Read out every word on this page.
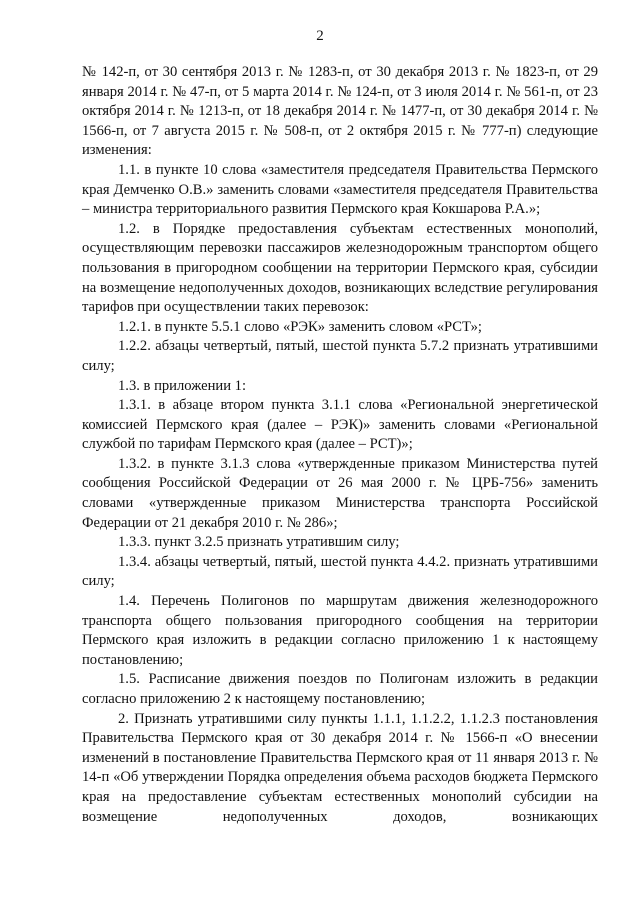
2

№ 142-п, от 30 сентября 2013 г. № 1283-п, от 30 декабря 2013 г. № 1823-п, от 29 января 2014 г. № 47-п, от 5 марта 2014 г. № 124-п, от 3 июля 2014 г. № 561-п, от 23 октября 2014 г. № 1213-п, от 18 декабря 2014 г. № 1477-п, от 30 декабря 2014 г. № 1566-п, от 7 августа 2015 г. № 508-п, от 2 октября 2015 г. № 777-п) следующие изменения:

1.1. в пункте 10 слова «заместителя председателя Правительства Пермского края Демченко О.В.» заменить словами «заместителя председателя Правительства – министра территориального развития Пермского края Кокшарова Р.А.»;

1.2. в Порядке предоставления субъектам естественных монополий, осуществляющим перевозки пассажиров железнодорожным транспортом общего пользования в пригородном сообщении на территории Пермского края, субсидии на возмещение недополученных доходов, возникающих вследствие регулирования тарифов при осуществлении таких перевозок:

1.2.1. в пункте 5.5.1 слово «РЭК» заменить словом «РСТ»;

1.2.2. абзацы четвертый, пятый, шестой пункта 5.7.2 признать утратившими силу;

1.3. в приложении 1:

1.3.1. в абзаце втором пункта 3.1.1 слова «Региональной энергетической комиссией Пермского края (далее – РЭК)» заменить словами «Региональной службой по тарифам Пермского края (далее – РСТ)»;

1.3.2. в пункте 3.1.3 слова «утвержденные приказом Министерства путей сообщения Российской Федерации от 26 мая 2000 г. № ЦРБ-756» заменить словами «утвержденные приказом Министерства транспорта Российской Федерации от 21 декабря 2010 г. № 286»;

1.3.3. пункт 3.2.5 признать утратившим силу;

1.3.4. абзацы четвертый, пятый, шестой пункта 4.4.2. признать утратившими силу;

1.4. Перечень Полигонов по маршрутам движения железнодорожного транспорта общего пользования пригородного сообщения на территории Пермского края изложить в редакции согласно приложению 1 к настоящему постановлению;

1.5. Расписание движения поездов по Полигонам изложить в редакции согласно приложению 2 к настоящему постановлению;

2. Признать утратившими силу пункты 1.1.1, 1.1.2.2, 1.1.2.3 постановления Правительства Пермского края от 30 декабря 2014 г. № 1566-п «О внесении изменений в постановление Правительства Пермского края от 11 января 2013 г. № 14-п «Об утверждении Порядка определения объема расходов бюджета Пермского края на предоставление субъектам естественных монополий субсидии на возмещение недополученных доходов, возникающих
